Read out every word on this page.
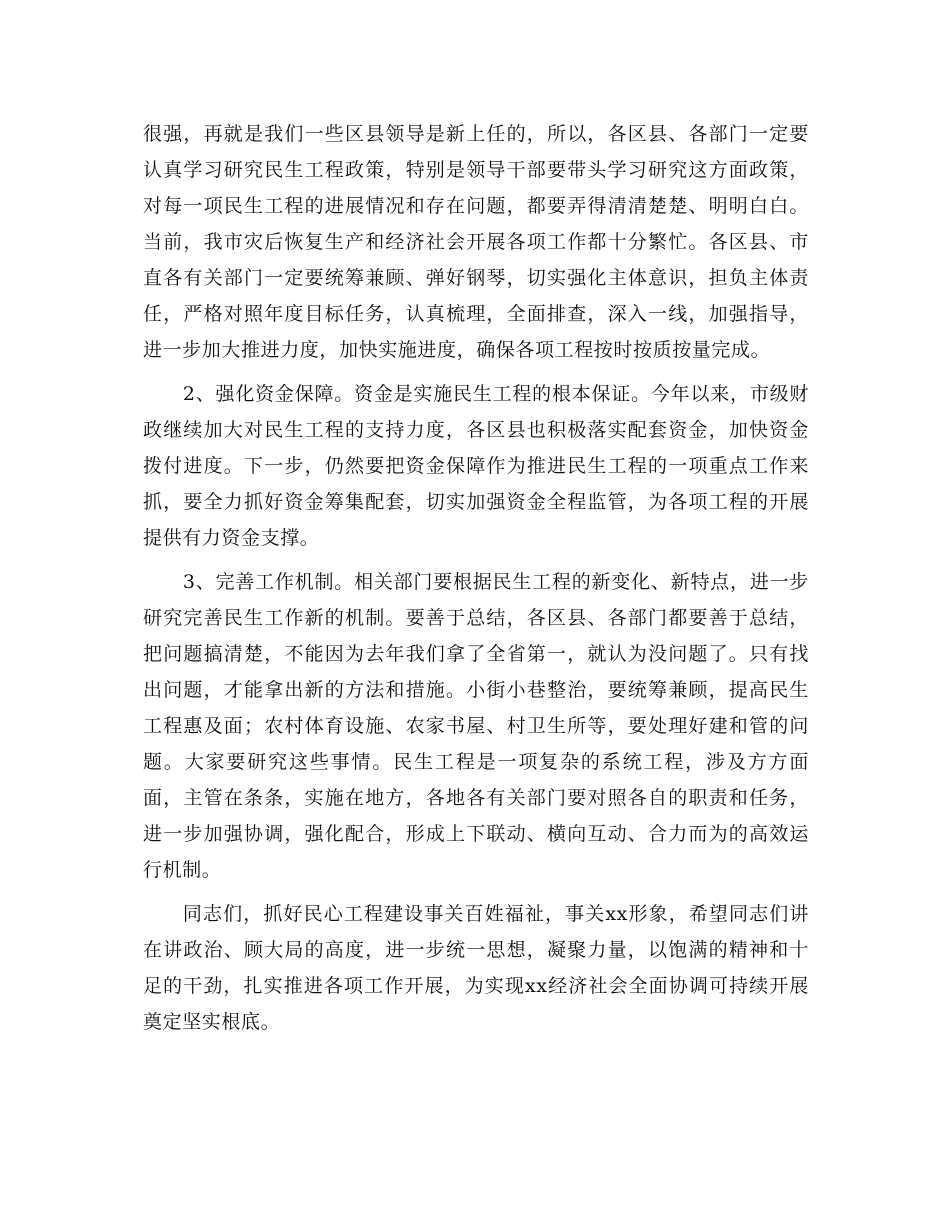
很强，再就是我们一些区县领导是新上任的，所以，各区县、各部门一定要认真学习研究民生工程政策，特别是领导干部要带头学习研究这方面政策，对每一项民生工程的进展情况和存在问题，都要弄得清清楚楚、明明白白。当前，我市灾后恢复生产和经济社会开展各项工作都十分繁忙。各区县、市直各有关部门一定要统筹兼顾、弹好钢琴，切实强化主体意识，担负主体责任，严格对照年度目标任务，认真梳理，全面排查，深入一线，加强指导，进一步加大推进力度，加快实施进度，确保各项工程按时按质按量完成。

2、强化资金保障。资金是实施民生工程的根本保证。今年以来，市级财政继续加大对民生工程的支持力度，各区县也积极落实配套资金，加快资金拨付进度。下一步，仍然要把资金保障作为推进民生工程的一项重点工作来抓，要全力抓好资金筹集配套，切实加强资金全程监管，为各项工程的开展提供有力资金支撑。

3、完善工作机制。相关部门要根据民生工程的新变化、新特点，进一步研究完善民生工作新的机制。要善于总结，各区县、各部门都要善于总结，把问题搞清楚，不能因为去年我们拿了全省第一，就认为没问题了。只有找出问题，才能拿出新的方法和措施。小街小巷整治，要统筹兼顾，提高民生工程惠及面；农村体育设施、农家书屋、村卫生所等，要处理好建和管的问题。大家要研究这些事情。民生工程是一项复杂的系统工程，涉及方方面面，主管在条条，实施在地方，各地各有关部门要对照各自的职责和任务，进一步加强协调，强化配合，形成上下联动、横向互动、合力而为的高效运行机制。

同志们，抓好民心工程建设事关百姓福祉，事关xx形象，希望同志们讲在讲政治、顾大局的高度，进一步统一思想，凝聚力量，以饱满的精神和十足的干劲，扎实推进各项工作开展，为实现xx经济社会全面协调可持续开展奠定坚实根底。
